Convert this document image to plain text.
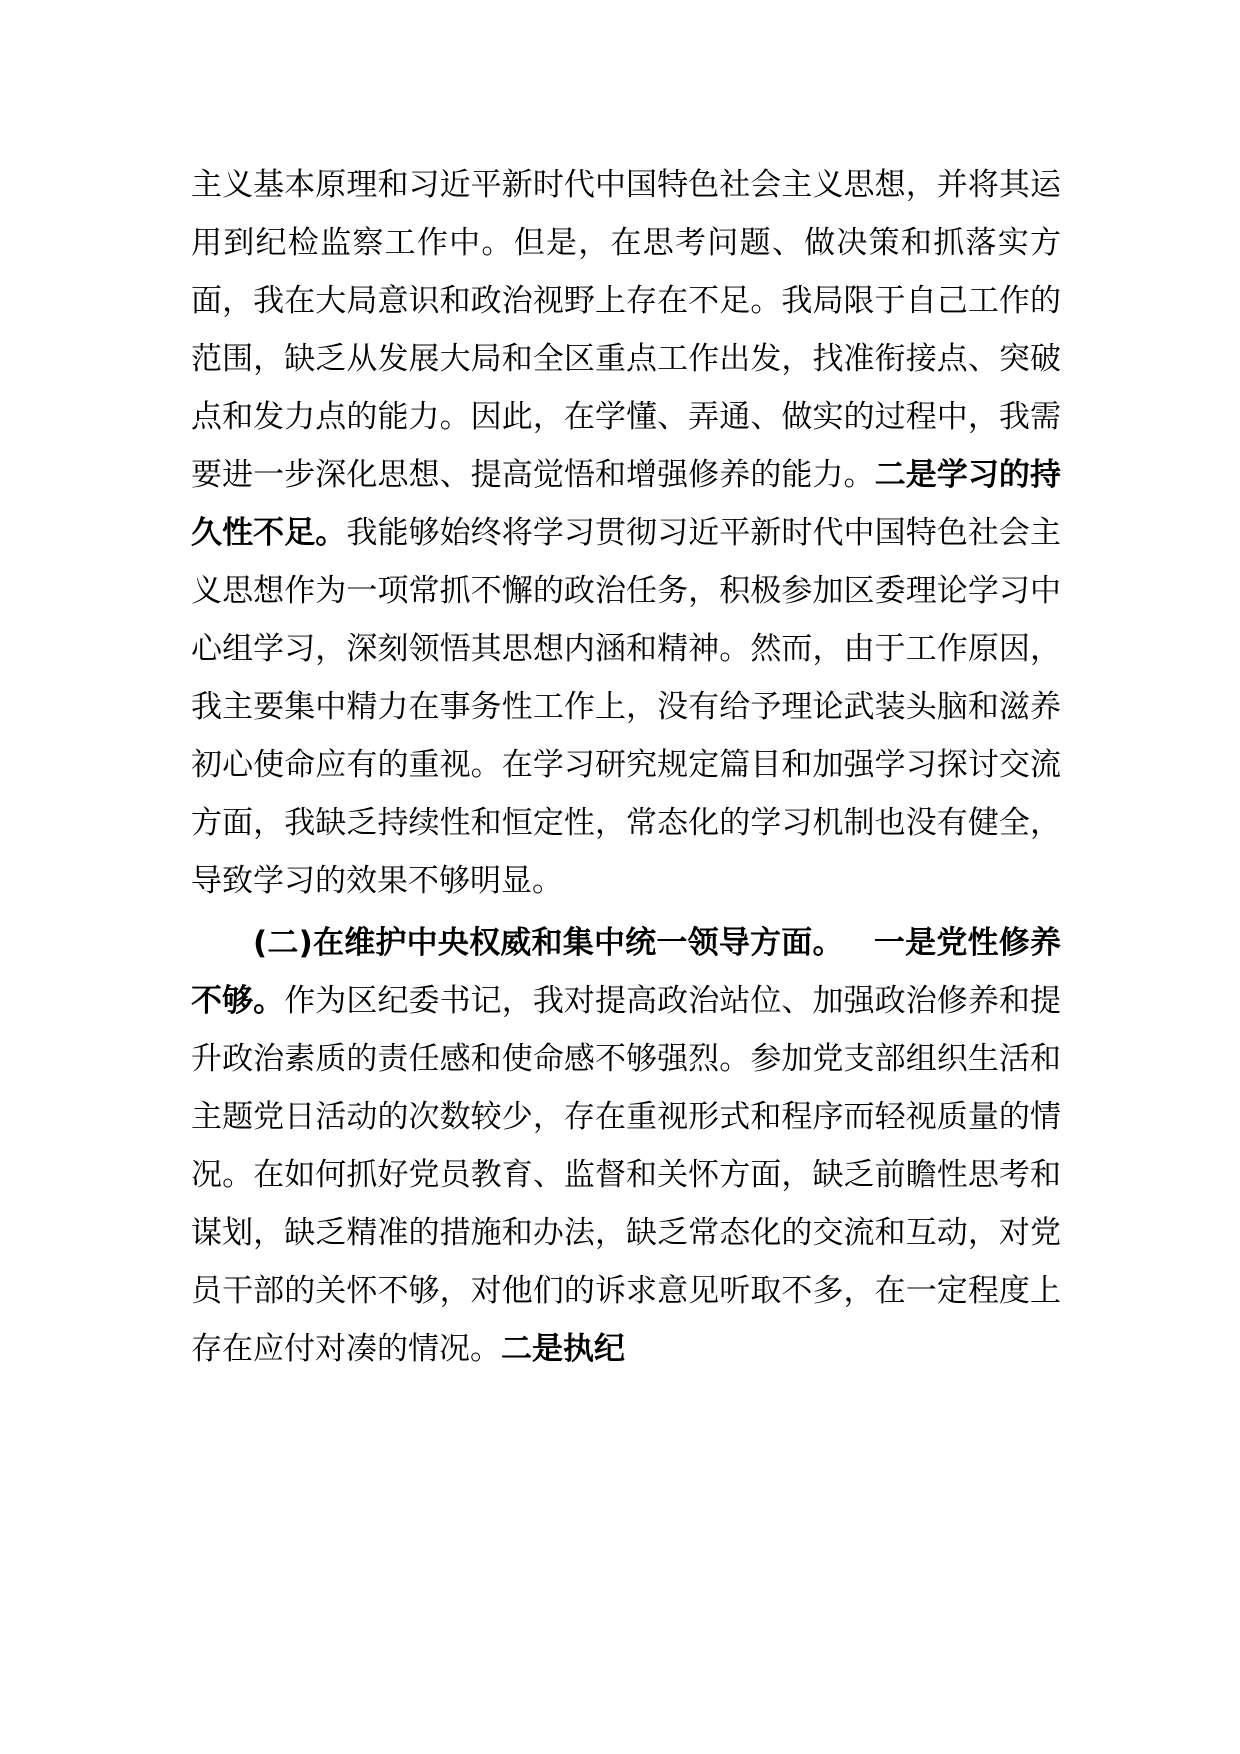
主义基本原理和习近平新时代中国特色社会主义思想，并将其运用到纪检监察工作中。但是，在思考问题、做决策和抓落实方面，我在大局意识和政治视野上存在不足。我局限于自己工作的范围，缺乏从发展大局和全区重点工作出发，找准衔接点、突破点和发力点的能力。因此，在学懂、弄通、做实的过程中，我需要进一步深化思想、提高觉悟和增强修养的能力。二是学习的持久性不足。我能够始终将学习贯彻习近平新时代中国特色社会主义思想作为一项常抓不懈的政治任务，积极参加区委理论学习中心组学习，深刻领悟其思想内涵和精神。然而，由于工作原因，我主要集中精力在事务性工作上，没有给予理论武装头脑和滋养初心使命应有的重视。在学习研究规定篇目和加强学习探讨交流方面，我缺乏持续性和恒定性，常态化的学习机制也没有健全，导致学习的效果不够明显。

(二)在维护中央权威和集中统一领导方面。 一是党性修养不够。作为区纪委书记，我对提高政治站位、加强政治修养和提升政治素质的责任感和使命感不够强烈。参加党支部组织生活和主题党日活动的次数较少，存在重视形式和程序而轻视质量的情况。在如何抓好党员教育、监督和关怀方面，缺乏前瞻性思考和谋划，缺乏精准的措施和办法，缺乏常态化的交流和互动，对党员干部的关怀不够，对他们的诉求意见听取不多，在一定程度上存在应付对凑的情况。二是执纪
